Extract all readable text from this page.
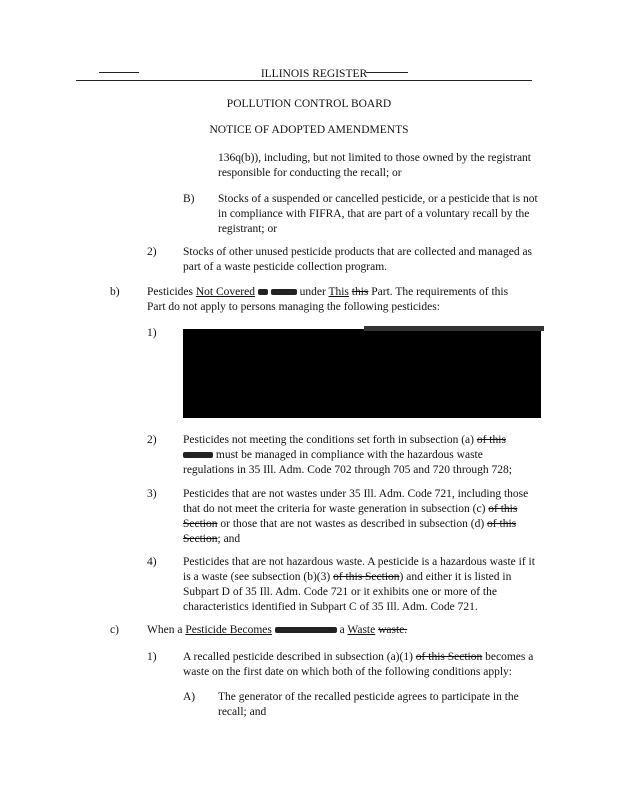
ILLINOIS REGISTER
POLLUTION CONTROL BOARD
NOTICE OF ADOPTED AMENDMENTS
136q(b)), including, but not limited to those owned by the registrant
responsible for conducting the recall; or
B) Stocks of a suspended or cancelled pesticide, or a pesticide that is not
in compliance with FIFRA, that are part of a voluntary recall by the
registrant; or
2) Stocks of other unused pesticide products that are collected and managed as
part of a waste pesticide collection program.
b) Pesticides Not Covered	under This this Part. The requirements of this
Part do not apply to persons managing the following pesticides:
1)
2) Pesticides not meeting the conditions set forth in subsection (a) of this
must be managed in compliance with the hazardous waste
regulations in 35 Ill. Adm. Code 702 through 705 and 720 through 728;
3) Pesticides that are not wastes under 35 Ill. Adm. Code 721, including those
that do not meet the criteria for waste generation in subsection (c) of this
Section or those that are not wastes as described in subsection (d) of this
Section; and
4) Pesticides that are not hazardous waste. A pesticide is a hazardous waste if it
is a waste (see subsection (b)(3) of this Section) and either it is listed in
Subpart D of 35 Ill. Adm. Code 721 or it exhibits one or more of the
characteristics identified in Subpart C of 35 Ill. Adm. Code 721.
c) When a Pesticide Becomes	a Waste waste.
1) A recalled pesticide described in subsection (a)(1) of this Section becomes a
waste on the first date on which both of the following conditions apply:
A) The generator of the recalled pesticide agrees to participate in the
recall; and
